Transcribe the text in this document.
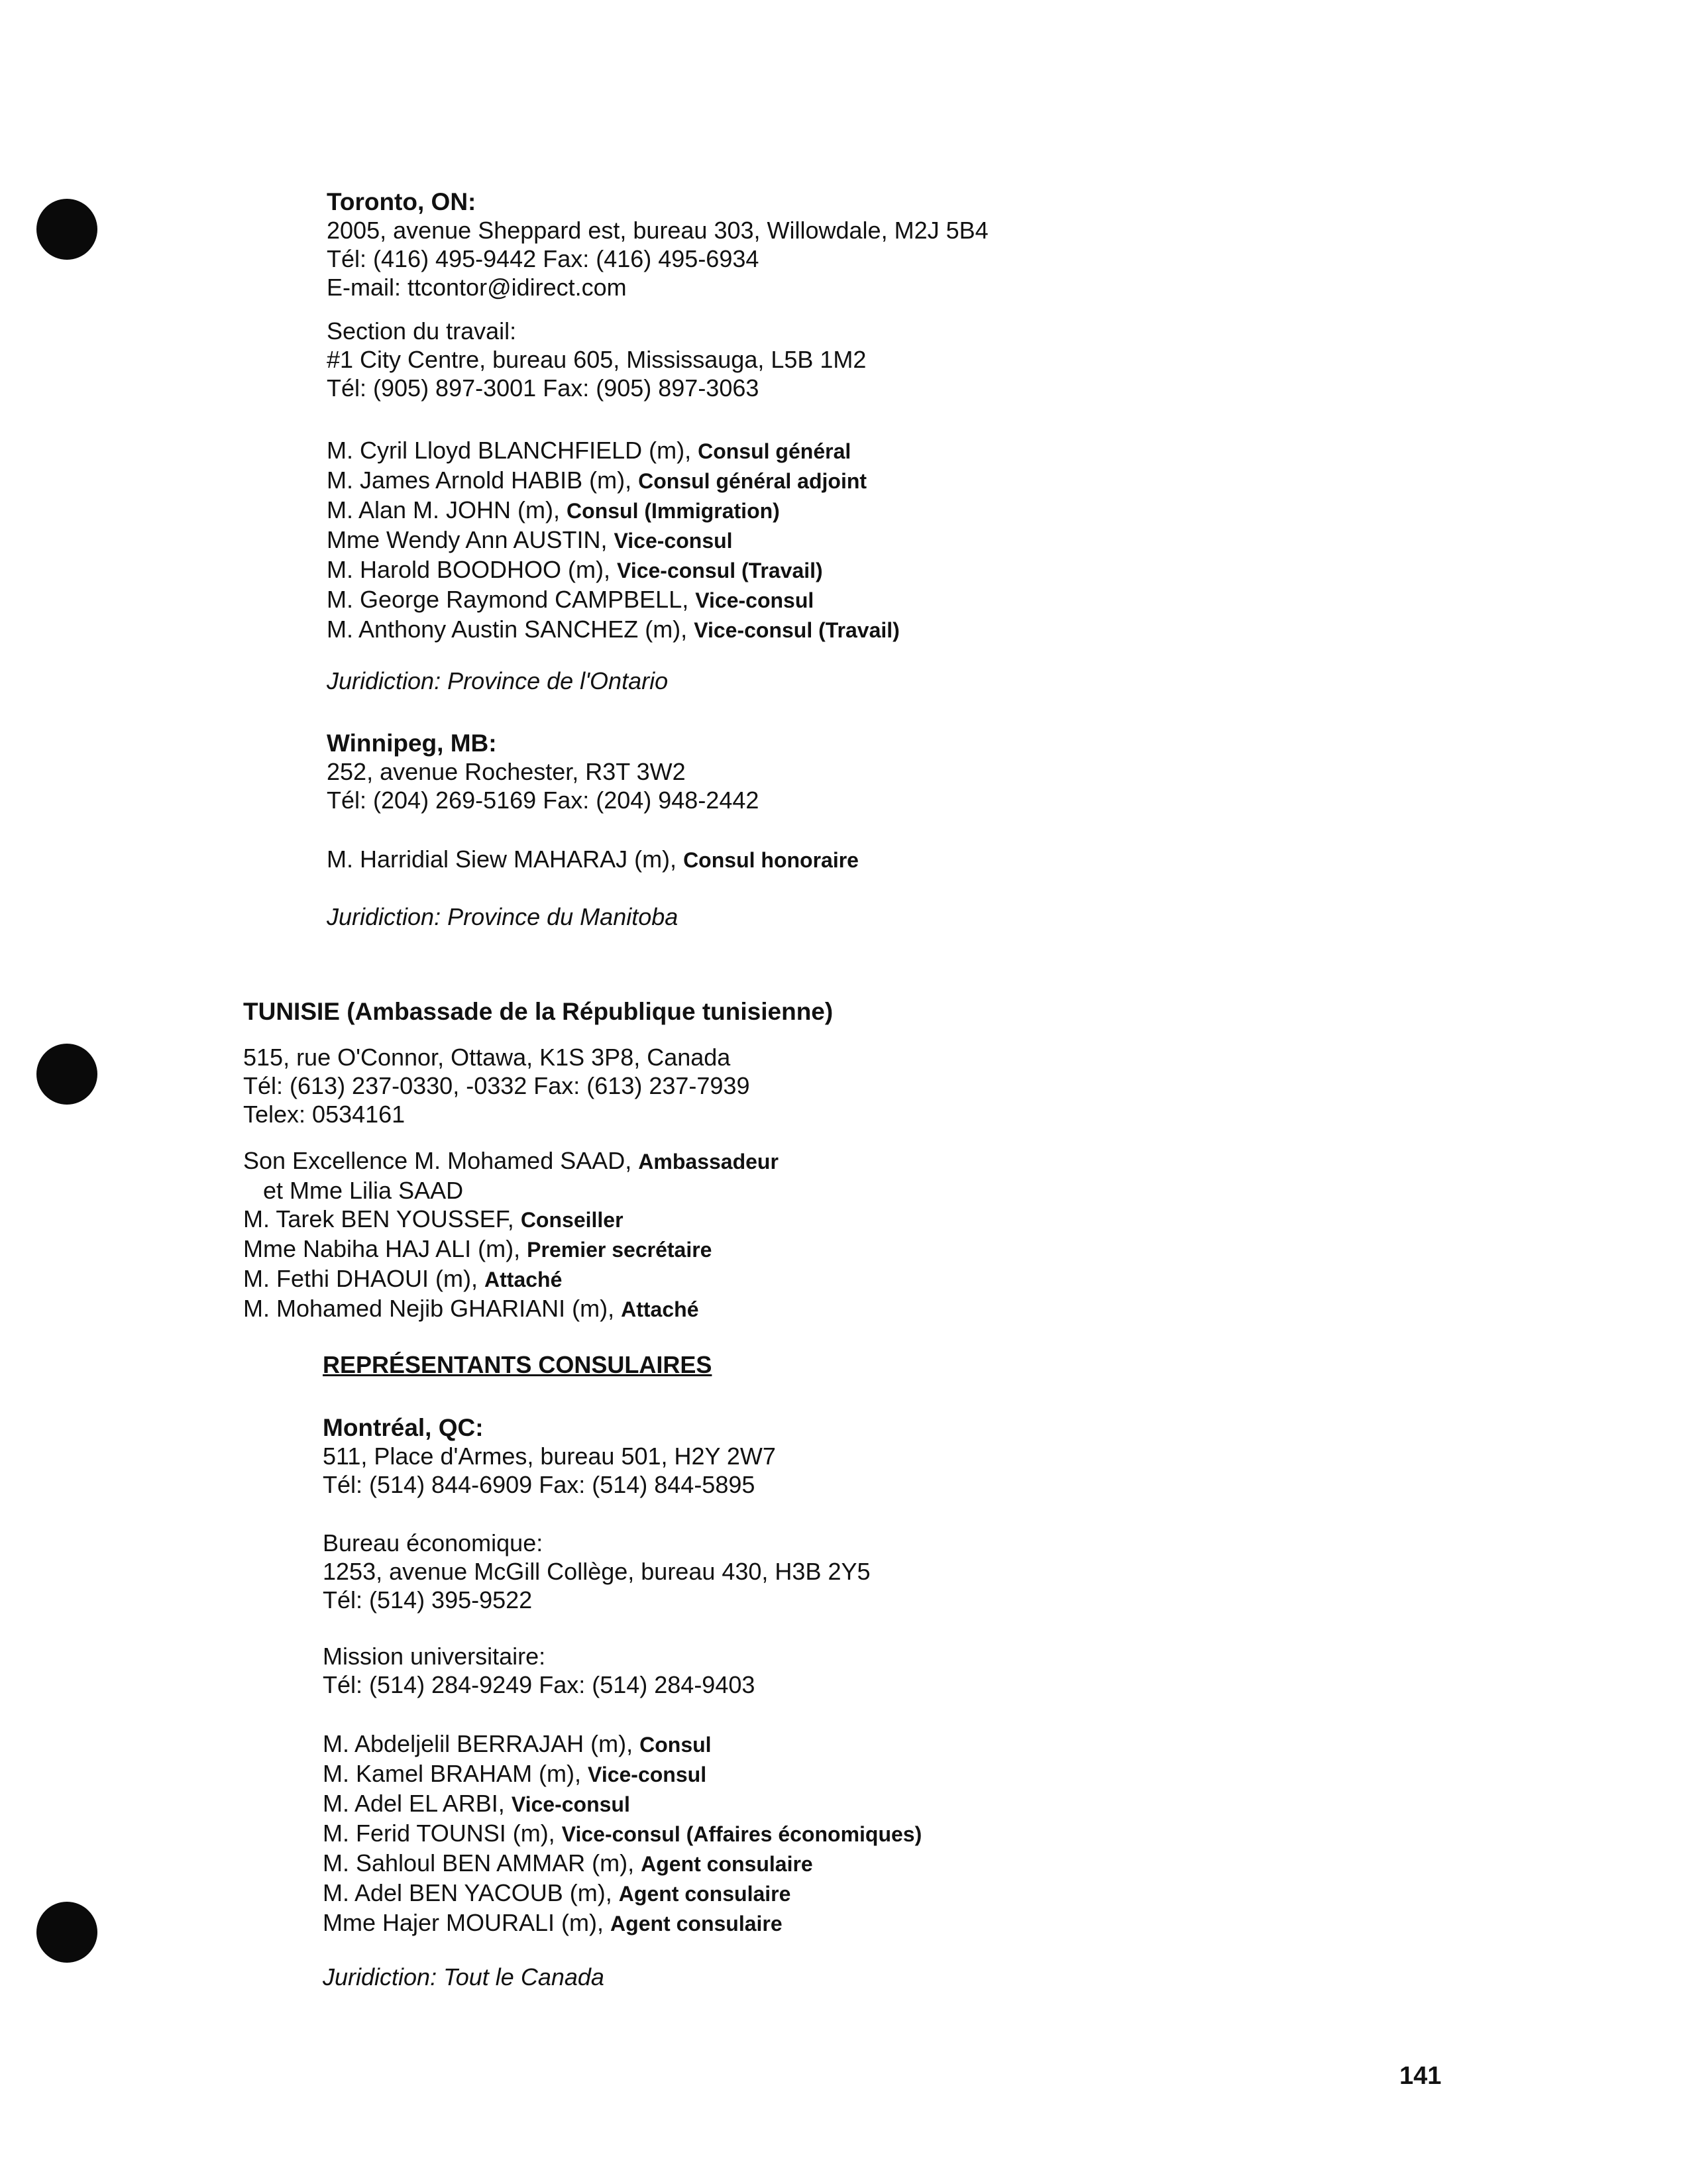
Toronto, ON:
2005, avenue Sheppard est, bureau 303, Willowdale, M2J 5B4
Tél: (416) 495-9442 Fax: (416) 495-6934
E-mail: ttcontor@idirect.com
Section du travail:
#1 City Centre, bureau 605, Mississauga, L5B 1M2
Tél: (905) 897-3001 Fax: (905) 897-3063
M. Cyril Lloyd BLANCHFIELD (m), Consul général
M. James Arnold HABIB (m), Consul général adjoint
M. Alan M. JOHN (m), Consul (Immigration)
Mme Wendy Ann AUSTIN, Vice-consul
M. Harold BOODHOO (m), Vice-consul (Travail)
M. George Raymond CAMPBELL, Vice-consul
M. Anthony Austin SANCHEZ (m), Vice-consul (Travail)
Juridiction: Province de l'Ontario
Winnipeg, MB:
252, avenue Rochester, R3T 3W2
Tél: (204) 269-5169 Fax: (204) 948-2442
M. Harridial Siew MAHARAJ (m), Consul honoraire
Juridiction: Province du Manitoba
TUNISIE (Ambassade de la République tunisienne)
515, rue O'Connor, Ottawa, K1S 3P8, Canada
Tél: (613) 237-0330, -0332 Fax: (613) 237-7939
Telex: 0534161
Son Excellence M. Mohamed SAAD, Ambassadeur
et Mme Lilia SAAD
M. Tarek BEN YOUSSEF, Conseiller
Mme Nabiha HAJ ALI (m), Premier secrétaire
M. Fethi DHAOUI (m), Attaché
M. Mohamed Nejib GHARIANI (m), Attaché
REPRÉSENTANTS CONSULAIRES
Montréal, QC:
511, Place d'Armes, bureau 501, H2Y 2W7
Tél: (514) 844-6909 Fax: (514) 844-5895
Bureau économique:
1253, avenue McGill Collège, bureau 430, H3B 2Y5
Tél: (514) 395-9522
Mission universitaire:
Tél: (514) 284-9249 Fax: (514) 284-9403
M. Abdeljelil BERRAJAH (m), Consul
M. Kamel BRAHAM (m), Vice-consul
M. Adel EL ARBI, Vice-consul
M. Ferid TOUNSI (m), Vice-consul (Affaires économiques)
M. Sahloul BEN AMMAR (m), Agent consulaire
M. Adel BEN YACOUB (m), Agent consulaire
Mme Hajer MOURALI (m), Agent consulaire
Juridiction: Tout le Canada
141
